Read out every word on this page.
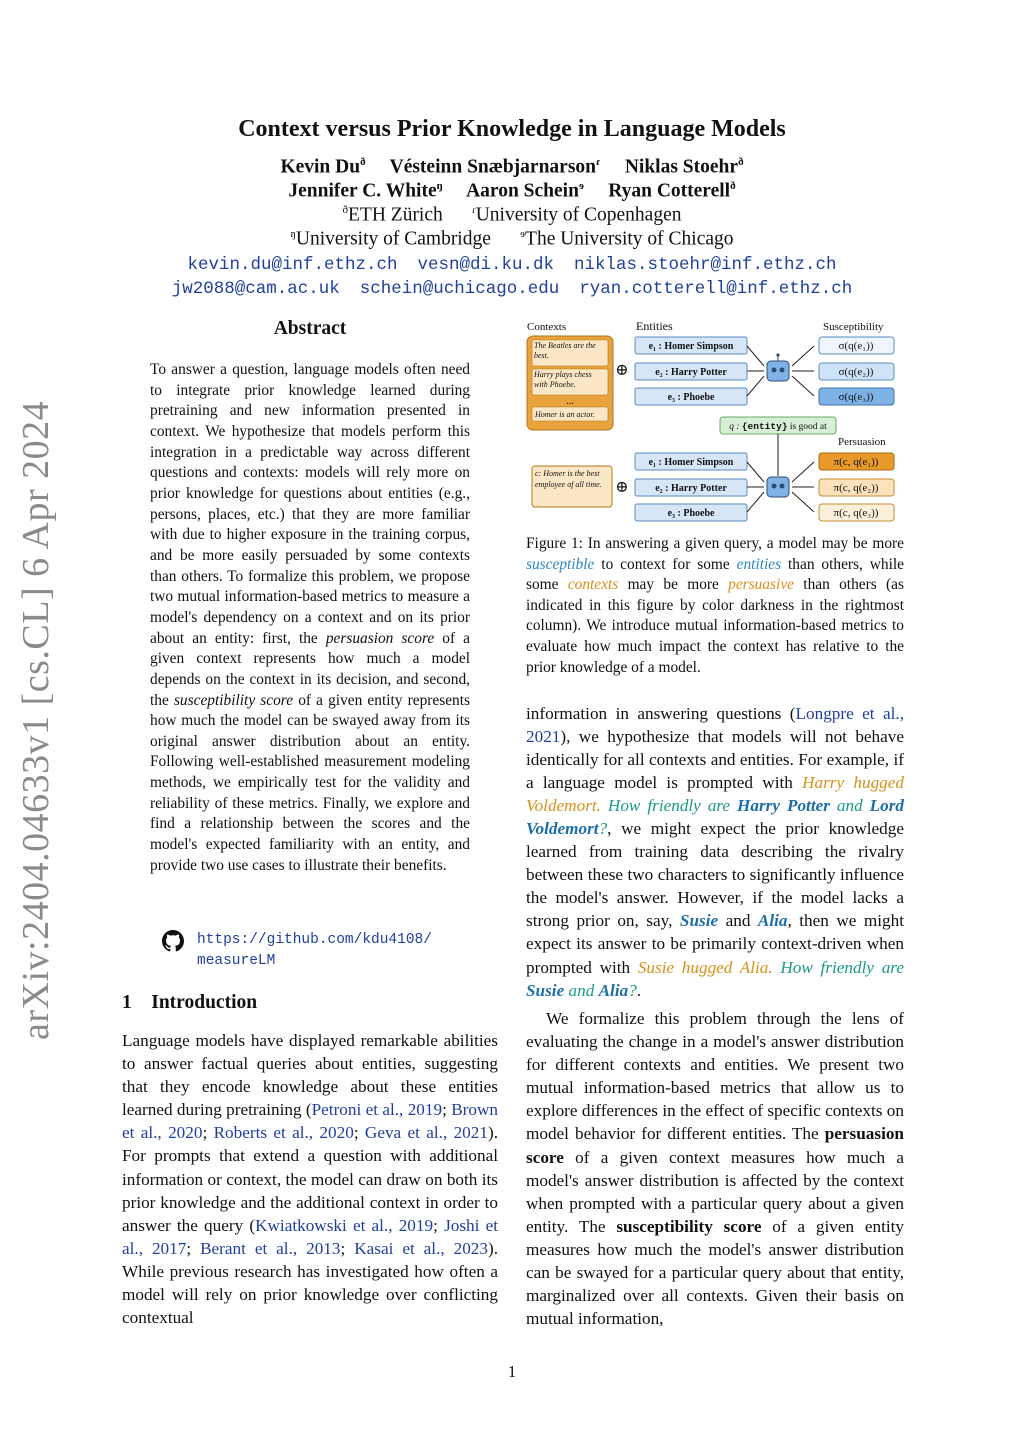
arXiv:2404.04633v1 [cs.CL] 6 Apr 2024
Context versus Prior Knowledge in Language Models
Kevin $Du^ð$ Vésteinn Snæbjarnarson$^ɾ$ Niklas Stoehr$^ð$
Jennifer C. White$^ŋ$ Aaron Schein$^ɘ$ Ryan Cotterell$^ð$
$^ð$ETH Zürich	$^ɾ$University of Copenhagen
$^ŋ$University of Cambridge	$^ɘ$The University of Chicago
kevin.du@inf.ethz.ch vesn@di.ku.dk niklas.stoehr@inf.ethz.ch
jw2088@cam.ac.uk schein@uchicago.edu ryan.cotterell@inf.ethz.ch
Abstract
To answer a question, language models often need to integrate prior knowledge learned during pretraining and new information presented in context. We hypothesize that models perform this integration in a predictable way across different questions and contexts: models will rely more on prior knowledge for questions about entities (e.g., persons, places, etc.) that they are more familiar with due to higher exposure in the training corpus, and be more easily persuaded by some contexts than others. To formalize this problem, we propose two mutual information-based metrics to measure a model's dependency on a context and on its prior about an entity: first, the persuasion score of a given context represents how much a model depends on the context in its decision, and second, the susceptibility score of a given entity represents how much the model can be swayed away from its original answer distribution about an entity. Following well-established measurement modeling methods, we empirically test for the validity and reliability of these metrics. Finally, we explore and find a relationship between the scores and the model's expected familiarity with an entity, and provide two use cases to illustrate their benefits.
https://github.com/kdu4108/
measureLM
1 Introduction
Language models have displayed remarkable abilities to answer factual queries about entities, suggesting that they encode knowledge about these entities learned during pretraining (Petroni et al., 2019; Brown et al., 2020; Roberts et al., 2020; Geva et al., 2021). For prompts that extend a question with additional information or context, the model can draw on both its prior knowledge and the additional context in order to answer the query (Kwiatkowski et al., 2019; Joshi et al., 2017; Berant et al., 2013; Kasai et al., 2023). While previous research has investigated how often a model will rely on prior knowledge over conflicting contextual
Contexts	Entities	Susceptibility
The Beatles are the best.
Harry plays chess with Phoebe.
...
Homer is an actor.
⊕
e₁ : Homer Simpson
e₂ : Harry Potter
e₃ : Phoebe
σ(q(e₁))
σ(q(e₂))
σ(q(e₃))
q : {entity} is good at
Persuasion
c: Homer is the best employee of all time. ⊕
e₁ : Homer Simpson
e₂ : Harry Potter
e₃ : Phoebe
π(c, q(e₁))
π(c, q(e₂))
π(c, q(e₃))
Figure 1: In answering a given query, a model may be more susceptible to context for some entities than others, while some contexts may be more persuasive than others (as indicated in this figure by color darkness in the rightmost column). We introduce mutual information-based metrics to evaluate how much impact the context has relative to the prior knowledge of a model.
information in answering questions (Longpre et al., 2021), we hypothesize that models will not behave identically for all contexts and entities. For example, if a language model is prompted with Harry hugged Voldemort. How friendly are Harry Potter and Lord Voldemort?, we might expect the prior knowledge learned from training data describing the rivalry between these two characters to significantly influence the model's answer. However, if the model lacks a strong prior on, say, Susie and Alia, then we might expect its answer to be primarily context-driven when prompted with Susie hugged Alia. How friendly are Susie and Alia?.
We formalize this problem through the lens of evaluating the change in a model's answer distribution for different contexts and entities. We present two mutual information-based metrics that allow us to explore differences in the effect of specific contexts on model behavior for different entities. The persuasion score of a given context measures how much a model's answer distribution is affected by the context when prompted with a particular query about a given entity. The susceptibility score of a given entity measures how much the model's answer distribution can be swayed for a particular query about that entity, marginalized over all contexts. Given their basis on mutual information,
1
